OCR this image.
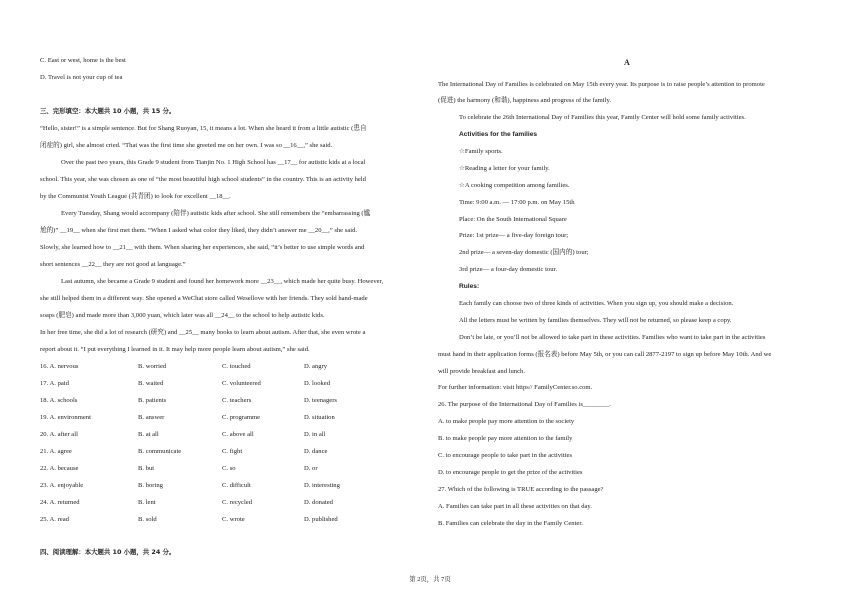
C. East or west, home is the best
D. Travel is not your cup of tea
三、完形填空：本大题共 10 小题，共 15 分。
“Hello, sister!” is a simple sentence. But for Shang Ruoyan, 15, it means a lot. When she heard it from a little autistic (患自
闭症的) girl, she almost cried. “That was the first time she greeted me on her own. I was so __16__,” she said.
Over the past two years, this Grade 9 student from Tianjin No. 1 High School has __17__ for autistic kids at a local
school. This year, she was chosen as one of “the most beautiful high school students” in the country. This is an activity held
by the Communist Youth League (共青团) to look for excellent __18__.
Every Tuesday, Shang would accompany (陪伴) autistic kids after school. She still remembers the “embarrassing (尴
尬的)” __19__ when she first met them. “When I asked what color they liked, they didn’t answer me __20__,” she said.
Slowly, she learned how to __21__ with them. When sharing her experiences, she said, “it’s better to use simple words and
short sentences __22__ they are not good at language.”
Last autumn, she became a Grade 9 student and found her homework more __23__, which made her quite busy. However,
she still helped them in a different way. She opened a WeChat store called Wesellove with her friends. They sold hand-made
soaps (肥皂) and made more than 3,000 yuan, which later was all __24__ to the school to help autistic kids.
In her free time, she did a lot of research (研究) and __25__ many books to learn about autism. After that, she even wrote a
report about it. “I put everything I learned in it. It may help more people learn about autism,” she said.
16. A. nervous	B. worried	C. touched	D. angry
17. A. paid	B. waited	C. volunteered	D. looked
18. A. schools	B. patients	C. teachers	D. teenagers
19. A. environment	B. answer	C. programme	D. situation
20. A. after all	B. at all	C. above all	D. in all
21. A. agree	B. communicate	C. fight	D. dance
22. A. because	B. but	C. so	D. or
23. A. enjoyable	B. boring	C. difficult	D. interesting
24. A. returned	B. lent	C. recycled	D. donated
25. A. read	B. sold	C. wrote	D. published
四、阅读理解：本大题共 10 小题，共 24 分。
A
The International Day of Families is celebrated on May 15th every year. Its purpose is to raise people’s attention to promote
(促进) the harmony (和谐), happiness and progress of the family.
To celebrate the 26th International Day of Families this year, Family Center will hold some family activities.
Activities for the families
☆Family sports.
☆Reading a letter for your family.
☆A cooking competition among families.
Time: 9:00 a.m. — 17:00 p.m. on May 15th
Place: On the South International Square
Prize: 1st prize— a five-day foreign tour;
2nd prize— a seven-day domestic (国内的) tour;
3rd prize— a four-day domestic tour.
Rules:
Each family can choose two of three kinds of activities. When you sign up, you should make a decision.
All the letters must be written by families themselves. They will not be returned, so please keep a copy.
Don’t be late, or you’ll not be allowed to take part in these activities. Families who want to take part in the activities
must hand in their application forms (报名表) before May 5th, or you can call 2877-2197 to sign up before May 10th. And we
will provide breakfast and lunch.
For further information: visit https// FamilyCenter.so.com.
26. The purpose of the International Day of Families is________.
A. to make people pay more attention to the society
B. to make people pay more attention to the family
C. to encourage people to take part in the activities
D. to encourage people to get the prize of the activities
27. Which of the following is TRUE according to the passage?
A. Families can take part in all these activities on that day.
B. Families can celebrate the day in the Family Center.
第 2页，共 7页
